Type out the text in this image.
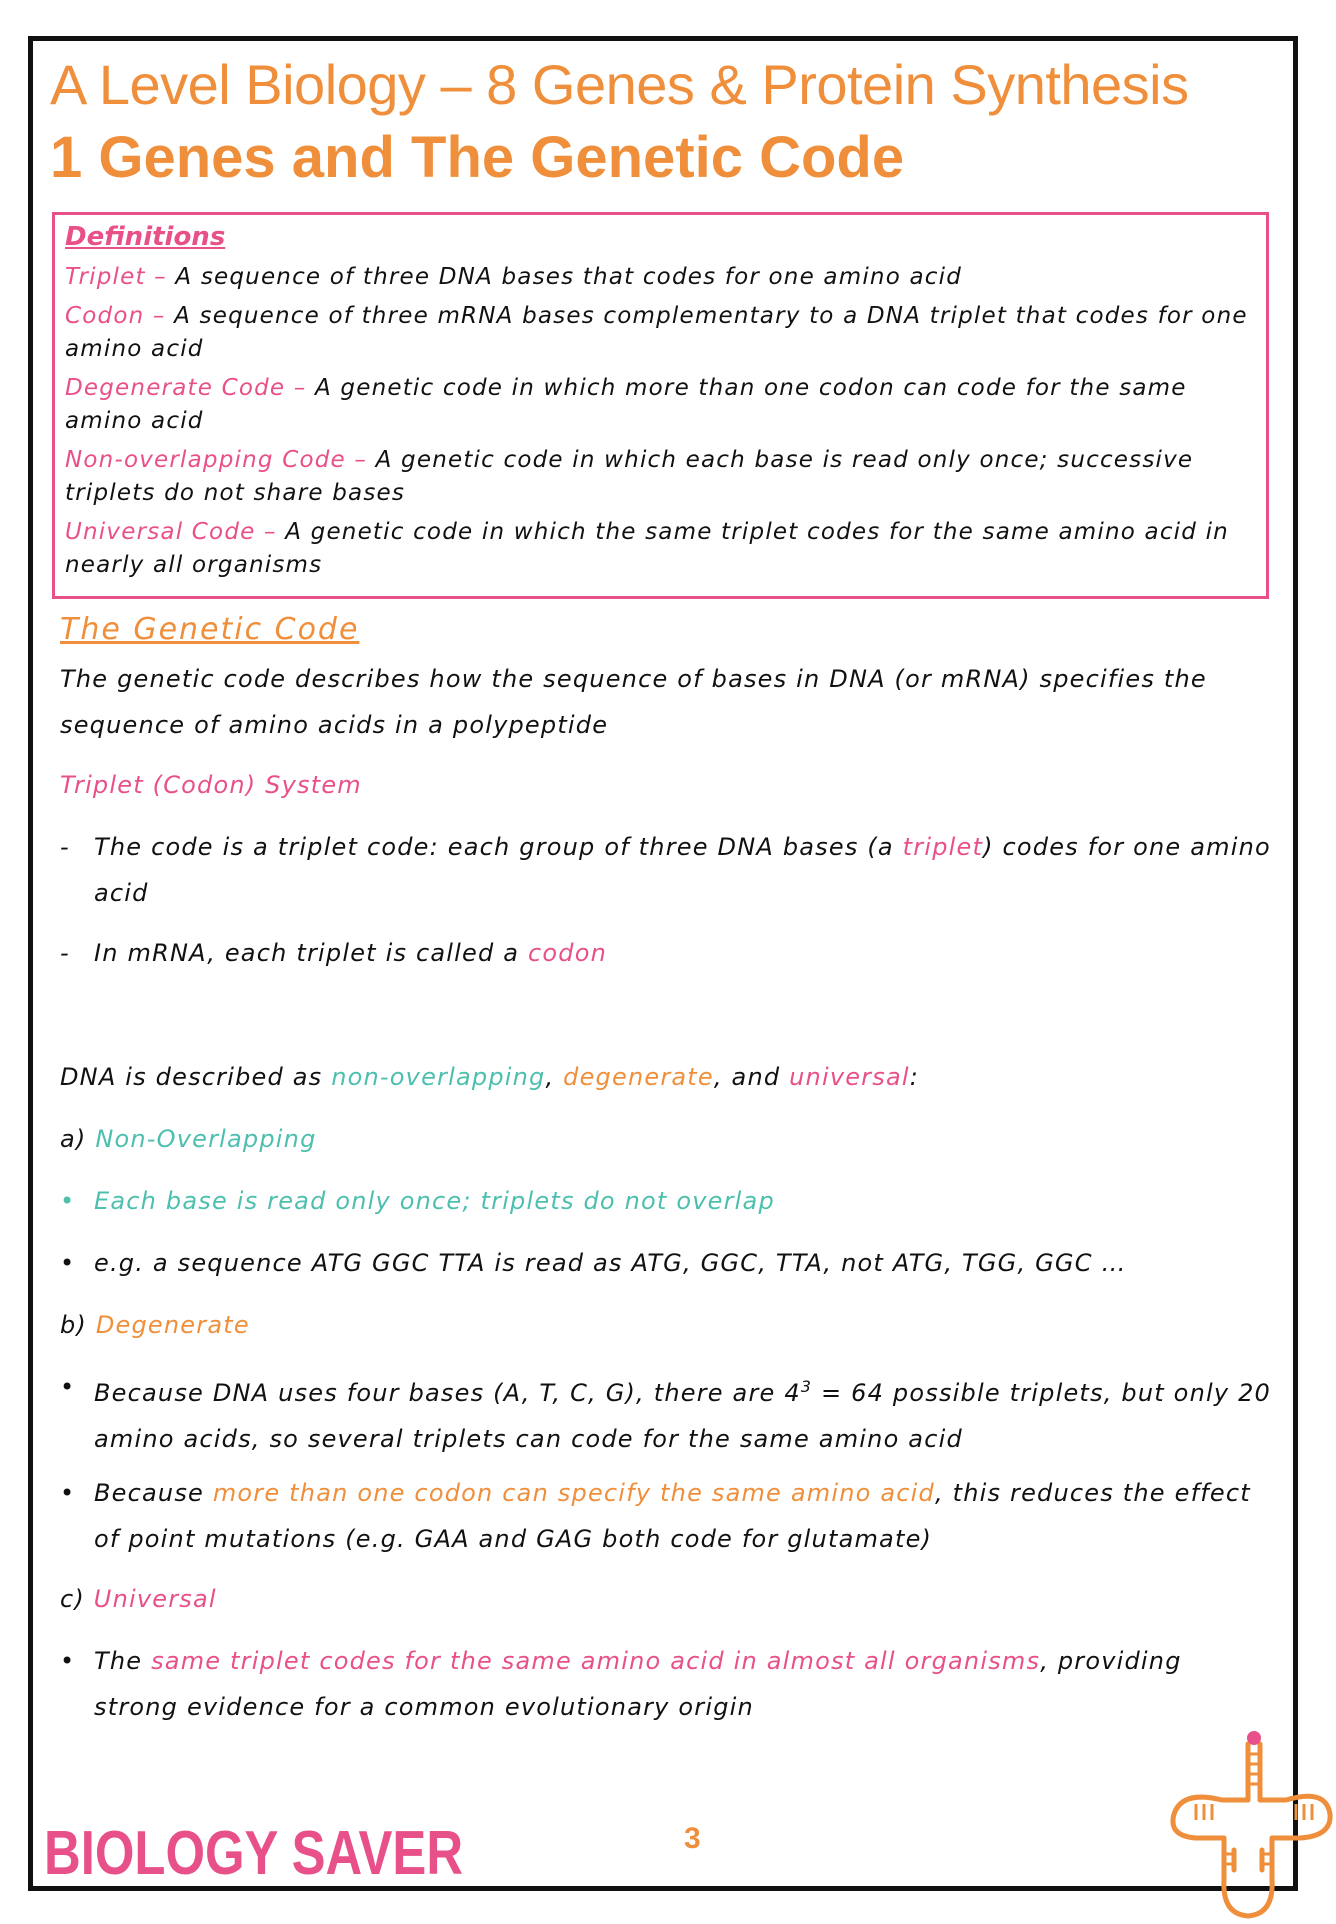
A Level Biology – 8 Genes & Protein Synthesis
1 Genes and The Genetic Code
Definitions
Triplet – A sequence of three DNA bases that codes for one amino acid
Codon – A sequence of three mRNA bases complementary to a DNA triplet that codes for one amino acid
Degenerate Code – A genetic code in which more than one codon can code for the same amino acid
Non-overlapping Code – A genetic code in which each base is read only once; successive triplets do not share bases
Universal Code – A genetic code in which the same triplet codes for the same amino acid in nearly all organisms
The Genetic Code
The genetic code describes how the sequence of bases in DNA (or mRNA) specifies the sequence of amino acids in a polypeptide
Triplet (Codon) System
-	The code is a triplet code: each group of three DNA bases (a triplet) codes for one amino acid
-	In mRNA, each triplet is called a codon
DNA is described as non-overlapping, degenerate, and universal:
a) Non-Overlapping
• Each base is read only once; triplets do not overlap
• e.g. a sequence ATG GGC TTA is read as ATG, GGC, TTA, not ATG, TGG, GGC …
b) Degenerate
• Because DNA uses four bases (A, T, C, G), there are $4^3 = 64$ possible triplets, but only 20 amino acids, so several triplets can code for the same amino acid
• Because more than one codon can specify the same amino acid, this reduces the effect of point mutations (e.g. GAA and GAG both code for glutamate)
c) Universal
• The same triplet codes for the same amino acid in almost all organisms, providing strong evidence for a common evolutionary origin
BIOLOGY SAVER	3
